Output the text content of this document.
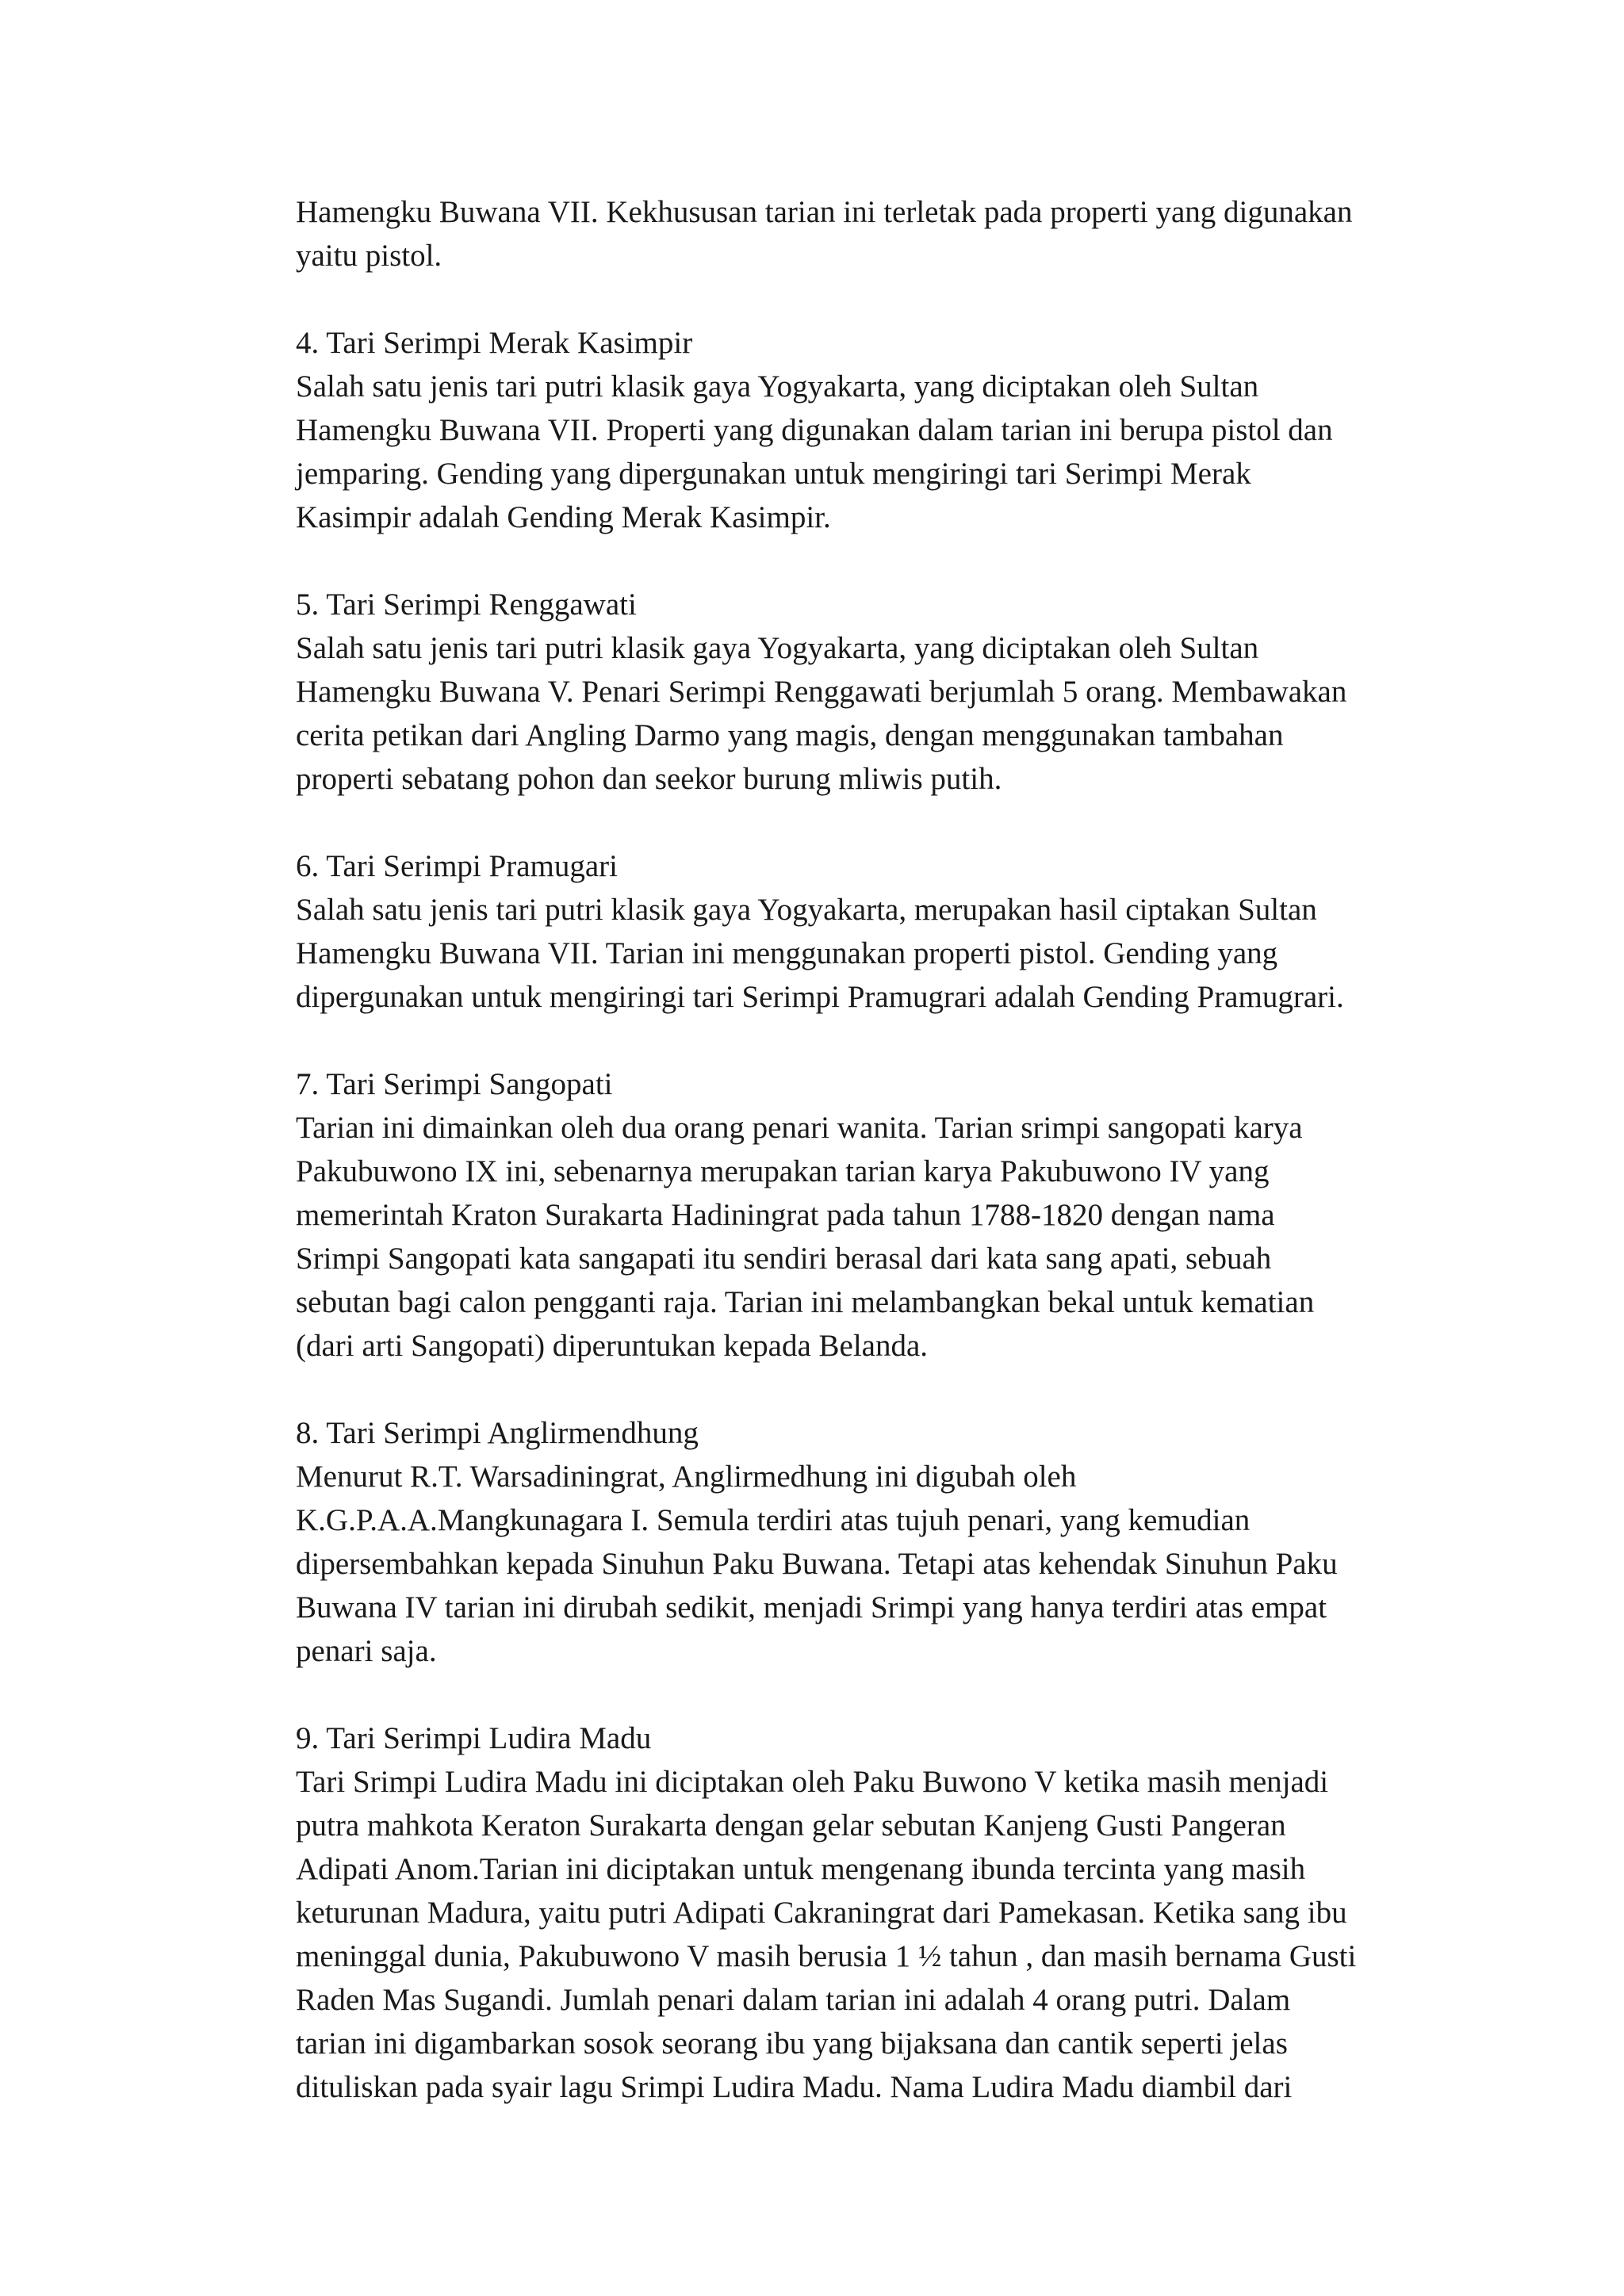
Hamengku Buwana VII. Kekhususan tarian ini terletak pada properti yang digunakan
yaitu pistol.
4. Tari Serimpi Merak Kasimpir
Salah satu jenis tari putri klasik gaya Yogyakarta, yang diciptakan oleh Sultan
Hamengku Buwana VII. Properti yang digunakan dalam tarian ini berupa pistol dan
jemparing. Gending yang dipergunakan untuk mengiringi tari Serimpi Merak
Kasimpir adalah Gending Merak Kasimpir.
5. Tari Serimpi Renggawati
Salah satu jenis tari putri klasik gaya Yogyakarta, yang diciptakan oleh Sultan
Hamengku Buwana V. Penari Serimpi Renggawati berjumlah 5 orang. Membawakan
cerita petikan dari Angling Darmo yang magis, dengan menggunakan tambahan
properti sebatang pohon dan seekor burung mliwis putih.
6. Tari Serimpi Pramugari
Salah satu jenis tari putri klasik gaya Yogyakarta, merupakan hasil ciptakan Sultan
Hamengku Buwana VII. Tarian ini menggunakan properti pistol. Gending yang
dipergunakan untuk mengiringi tari Serimpi Pramugrari adalah Gending Pramugrari.
7. Tari Serimpi Sangopati
Tarian ini dimainkan oleh dua orang penari wanita. Tarian srimpi sangopati karya
Pakubuwono IX ini, sebenarnya merupakan tarian karya Pakubuwono IV yang
memerintah Kraton Surakarta Hadiningrat pada tahun 1788-1820 dengan nama
Srimpi Sangopati kata sangapati itu sendiri berasal dari kata sang apati, sebuah
sebutan bagi calon pengganti raja. Tarian ini melambangkan bekal untuk kematian
(dari arti Sangopati) diperuntukan kepada Belanda.
8. Tari Serimpi Anglirmendhung
Menurut R.T. Warsadiningrat, Anglirmedhung ini digubah oleh
K.G.P.A.A.Mangkunagara I. Semula terdiri atas tujuh penari, yang kemudian
dipersembahkan kepada Sinuhun Paku Buwana. Tetapi atas kehendak Sinuhun Paku
Buwana IV tarian ini dirubah sedikit, menjadi Srimpi yang hanya terdiri atas empat
penari saja.
9. Tari Serimpi Ludira Madu
Tari Srimpi Ludira Madu ini diciptakan oleh Paku Buwono V ketika masih menjadi
putra mahkota Keraton Surakarta dengan gelar sebutan Kanjeng Gusti Pangeran
Adipati Anom.Tarian ini diciptakan untuk mengenang ibunda tercinta yang masih
keturunan Madura, yaitu putri Adipati Cakraningrat dari Pamekasan. Ketika sang ibu
meninggal dunia, Pakubuwono V masih berusia 1 ½ tahun , dan masih bernama Gusti
Raden Mas Sugandi. Jumlah penari dalam tarian ini adalah 4 orang putri. Dalam
tarian ini digambarkan sosok seorang ibu yang bijaksana dan cantik seperti jelas
dituliskan pada syair lagu Srimpi Ludira Madu. Nama Ludira Madu diambil dari
